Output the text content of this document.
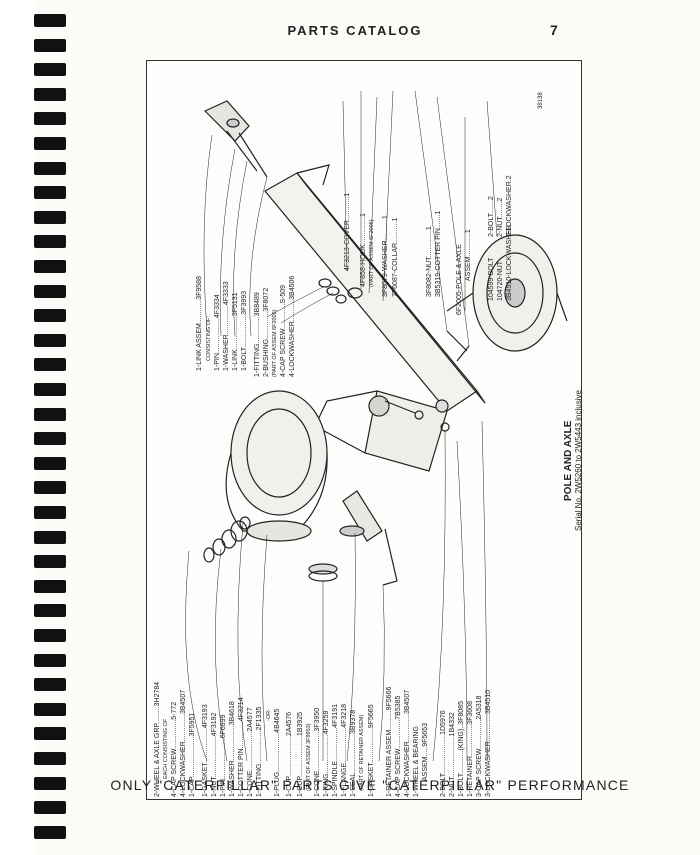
PARTS CATALOG	7
1-LINK ASSEM............3F9588 CONSISTING OF: 1-PIN..................4F3334 1-WASHER...............4F3333 1-LINK.................3F5131 1-BOLT.................3F3993 1-FITTING..............3B8489 2-BUSHING..............3F8072 (PART OF ASSEM 6F2005) 4-CAP SCREW.............S-509 4-LOCKWASHER...........3B4506
4F3213-COVER............1 4F858-HOOK..............1 (PART OF ASSEM 6F2005) 3F8079-WASHER...........1 7F6087-COLLAR...........1	3F8082-NUT..............1 3B5319-COTTER PIN.......1 6F2005-POLE & AXLE ASSEM............1
2-BOLT.......2 2-NUT........2 2-LOCKWASHER.2
104599-BOLT 104720-NUT 3B4510-LOCKWASHER
2-WHEEL & AXLE GRP.........3H2784 EACH CONSISTING OF 4-CAP SCREW...............5-772 4-LOCKWASHER..............3B4507 1-CAP.....................3F5951 1-GASKET..................4F3193 1-NUT.....................4F3192 1-PIN.....................6F6999 1-WASHER..................3B4618 1-COTTER PIN..............4F3214 1-CONE....................2A4577 1-FITTING.................2F1335 -OR- 1-PLUG....................4B4645 1-CUP.....................2A4576 1-CUP.....................1B3925 (PART OF ASSEM 3F9953) 1-CONE....................3F3950 1-RING....................4F3259 1-SPINDLE.................4F3191 1-FLANGE..................4F3218 1-SEAL....................3B9378 (PART OF RETAINER ASSEM) 1-GASKET..................9F5665 1-RETAINER ASSEM..........9F5666 4-CAP SCREW...............7B5385 4-LOCKWASHER..............3B4507 1-WHEEL & BEARING ASSEM.....9F5653 2-BOLT....................1D5976 2-NUT.....................1B4332 1-BOLT............(KING)..3F8085 1-RETAINER................3F3608 3-CAP SCREW...............2A5318 3-LOCKWASHER..............3B4510
39138
POLE AND AXLE Serial No. 2W5260 to 2W5443 inclusive
ONLY "CATERPILLAR" PARTS GIVE "CATERPILLAR" PERFORMANCE
